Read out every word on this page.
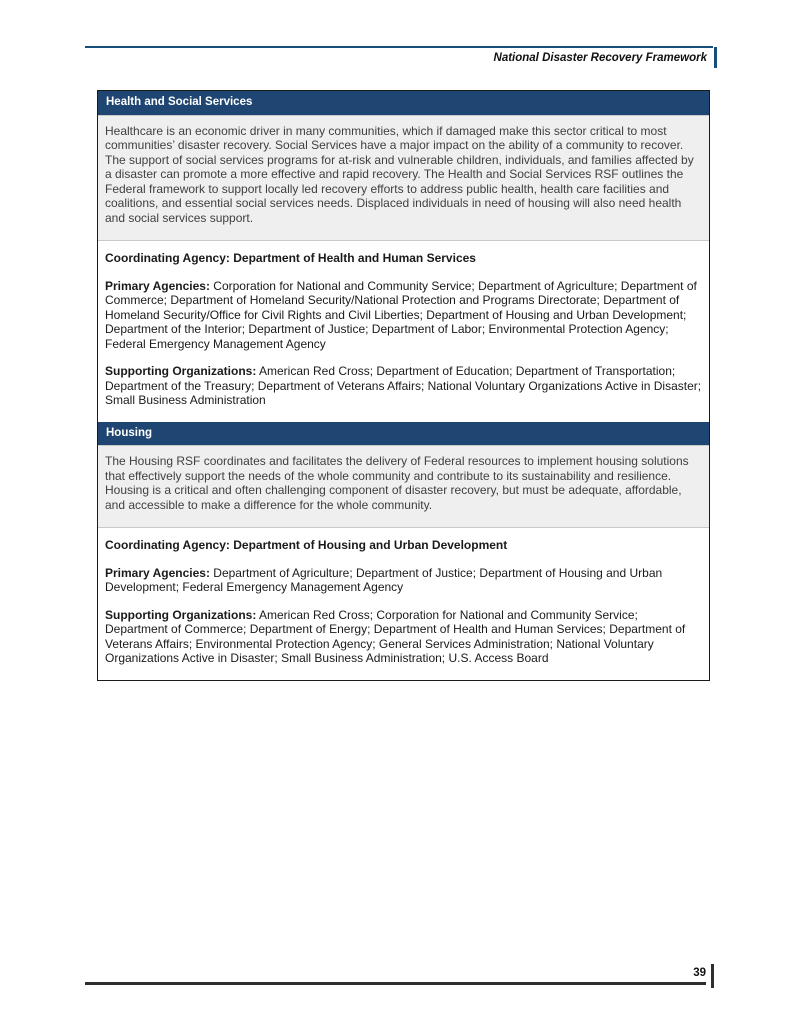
National Disaster Recovery Framework
Health and Social Services
Healthcare is an economic driver in many communities, which if damaged make this sector critical to most communities’ disaster recovery. Social Services have a major impact on the ability of a community to recover. The support of social services programs for at-risk and vulnerable children, individuals, and families affected by a disaster can promote a more effective and rapid recovery. The Health and Social Services RSF outlines the Federal framework to support locally led recovery efforts to address public health, health care facilities and coalitions, and essential social services needs. Displaced individuals in need of housing will also need health and social services support.

Coordinating Agency: Department of Health and Human Services

Primary Agencies: Corporation for National and Community Service; Department of Agriculture; Department of Commerce; Department of Homeland Security/National Protection and Programs Directorate; Department of Homeland Security/Office for Civil Rights and Civil Liberties; Department of Housing and Urban Development; Department of the Interior; Department of Justice; Department of Labor; Environmental Protection Agency; Federal Emergency Management Agency

Supporting Organizations: American Red Cross; Department of Education; Department of Transportation; Department of the Treasury; Department of Veterans Affairs; National Voluntary Organizations Active in Disaster; Small Business Administration

Housing
The Housing RSF coordinates and facilitates the delivery of Federal resources to implement housing solutions that effectively support the needs of the whole community and contribute to its sustainability and resilience. Housing is a critical and often challenging component of disaster recovery, but must be adequate, affordable, and accessible to make a difference for the whole community.

Coordinating Agency: Department of Housing and Urban Development

Primary Agencies: Department of Agriculture; Department of Justice; Department of Housing and Urban Development; Federal Emergency Management Agency

Supporting Organizations: American Red Cross; Corporation for National and Community Service; Department of Commerce; Department of Energy; Department of Health and Human Services; Department of Veterans Affairs; Environmental Protection Agency; General Services Administration; National Voluntary Organizations Active in Disaster; Small Business Administration; U.S. Access Board

39
